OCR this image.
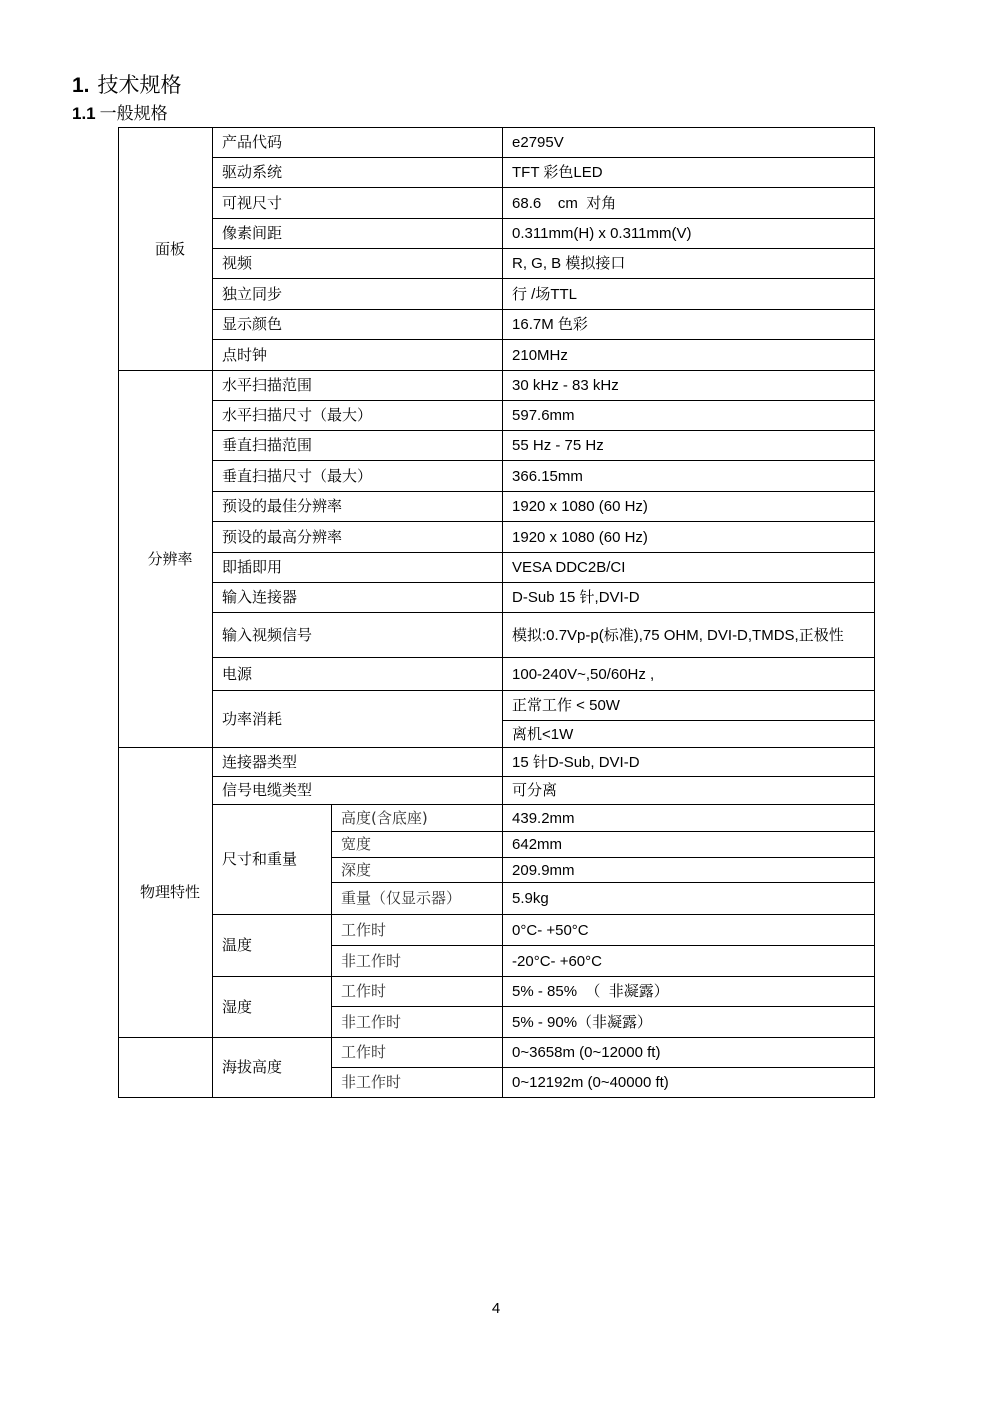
1. 技术规格
1.1 一般规格
面板	产品代码		e2795V
	驱动系统		TFT 彩色LED
	可视尺寸		68.6    cm  对角
	像素间距		0.311mm(H) x 0.311mm(V)
	视频		R, G, B 模拟接口
	独立同步		行 /场TTL
	显示颜色		16.7M 色彩
	点时钟		210MHz
分辨率	水平扫描范围		30 kHz - 83 kHz
	水平扫描尺寸（最大）		597.6mm
	垂直扫描范围		55 Hz - 75 Hz
	垂直扫描尺寸（最大）		366.15mm
	预设的最佳分辨率		1920 x 1080 (60 Hz)
	预设的最高分辨率		1920 x 1080 (60 Hz)
	即插即用		VESA DDC2B/CI
	输入连接器		D-Sub 15 针,DVI-D
	输入视频信号		模拟:0.7Vp-p(标准),75 OHM, DVI-D,TMDS,正极性
	电源		100-240V~,50/60Hz ,
	功率消耗		正常工作 < 50W
			离机<1W
物理特性	连接器类型		15 针D-Sub, DVI-D
	信号电缆类型		可分离
	尺寸和重量	高度(含底座)	439.2mm
		宽度	642mm
		深度	209.9mm
		重量（仅显示器）	5.9kg
	温度	工作时	0°C- +50°C
		非工作时	-20°C- +60°C
	湿度	工作时	5% - 85%  （  非凝露）
		非工作时	5% - 90%（非凝露）
	海拔高度	工作时	0~3658m (0~12000 ft)
		非工作时	0~12192m (0~40000 ft)
4
